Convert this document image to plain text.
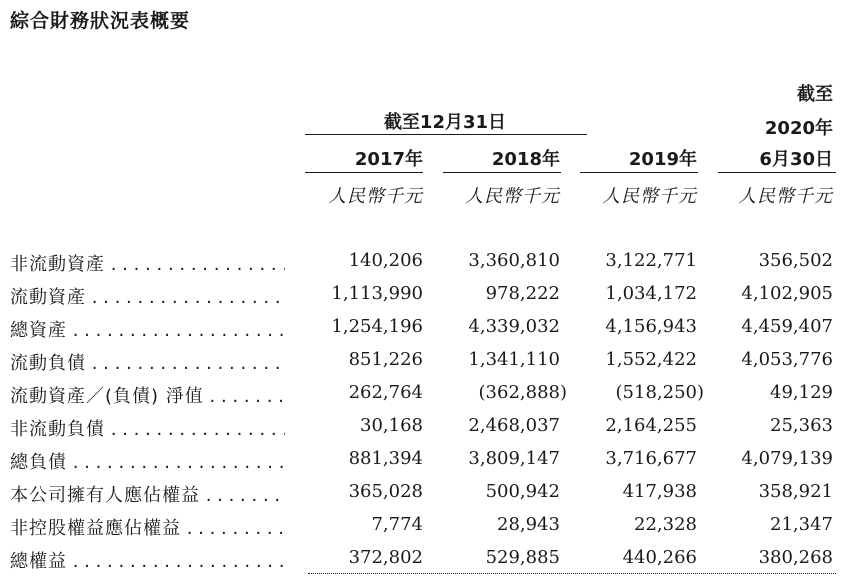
綜合財務狀況表概要
截至
2020年
截至12月31日
2017年	2018年	2019年	6月30日
人民幣千元 人民幣千元 人民幣千元 人民幣千元
非流動資產 . . .	140,206	3,360,810	3,122,771	356,502
流動資產 . . .	1,113,990	978,222	1,034,172 4,102,905
總資產 . . .	1,254,196	4,339,032	4,156,943 4,459,407
流動負債 . . .	851,226	1,341,110	1,552,422 4,053,776
流動資產／(負債) 淨值 . . .	262,764	(362,888)	(518,250)	49,129
非流動負債 . . .	30,168	2,468,037	2,164,255	25,363
總負債 . . .	881,394	3,809,147	3,716,677 4,079,139
本公司擁有人應佔權益 . . .	365,028	500,942	417,938	358,921
非控股權益應佔權益 . . .	7,774	28,943	22,328	21,347
總權益 . . .	372,802	529,885	440,266	380,268
